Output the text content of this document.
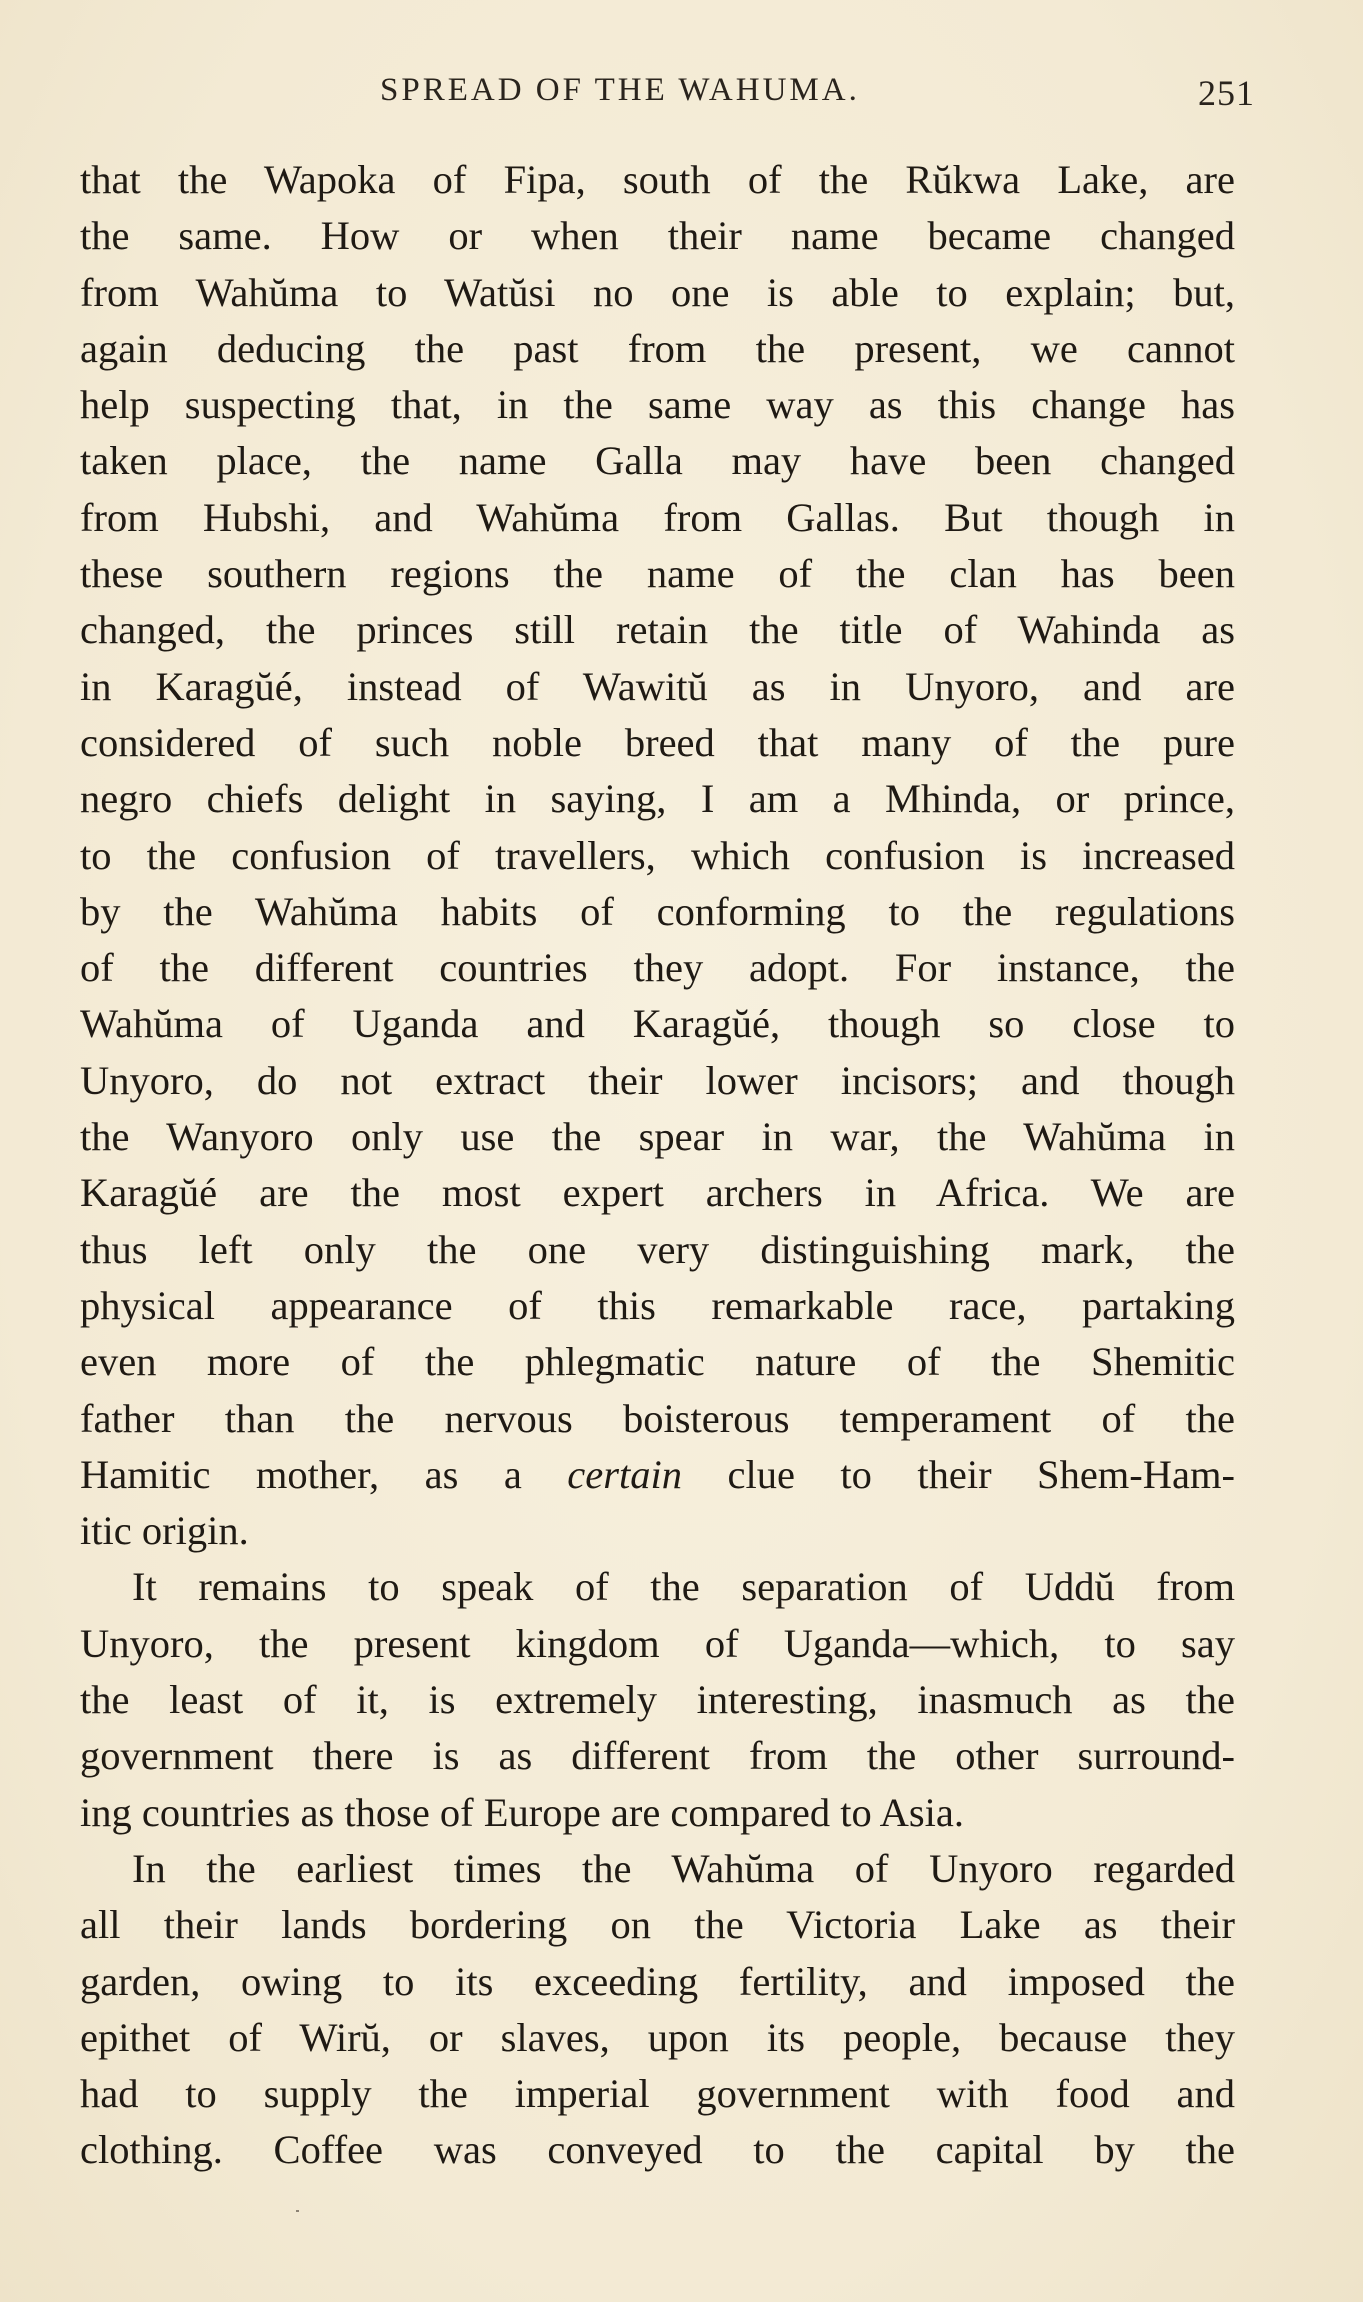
SPREAD OF THE WAHUMA.	251
that the Wapoka of Fipa, south of the Rŭkwa Lake, are
the same. How or when their name became changed
from Wahŭma to Watŭsi no one is able to explain; but,
again deducing the past from the present, we cannot
help suspecting that, in the same way as this change has
taken place, the name Galla may have been changed
from Hubshi, and Wahŭma from Gallas. But though in
these southern regions the name of the clan has been
changed, the princes still retain the title of Wahinda as
in Karagŭé, instead of Wawitŭ as in Unyoro, and are
considered of such noble breed that many of the pure
negro chiefs delight in saying, I am a Mhinda, or prince,
to the confusion of travellers, which confusion is increased
by the Wahŭma habits of conforming to the regulations
of the different countries they adopt. For instance, the
Wahŭma of Uganda and Karagŭé, though so close to
Unyoro, do not extract their lower incisors; and though
the Wanyoro only use the spear in war, the Wahŭma in
Karagŭé are the most expert archers in Africa. We are
thus left only the one very distinguishing mark, the
physical appearance of this remarkable race, partaking
even more of the phlegmatic nature of the Shemitic
father than the nervous boisterous temperament of the
Hamitic mother, as a certain clue to their Shem-Ham-
itic origin.
It remains to speak of the separation of Uddŭ from
Unyoro, the present kingdom of Uganda—which, to say
the least of it, is extremely interesting, inasmuch as the
government there is as different from the other surround-
ing countries as those of Europe are compared to Asia.
In the earliest times the Wahŭma of Unyoro regarded
all their lands bordering on the Victoria Lake as their
garden, owing to its exceeding fertility, and imposed the
epithet of Wirŭ, or slaves, upon its people, because they
had to supply the imperial government with food and
clothing. Coffee was conveyed to the capital by the
